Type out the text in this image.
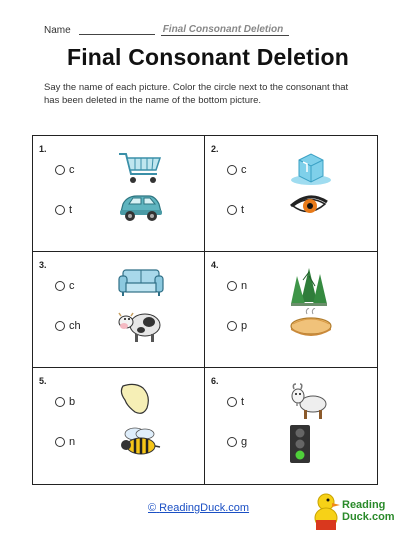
Name	Final Consonant Deletion
Final Consonant Deletion
Say the name of each picture. Color the circle next to the consonant that has been deleted in the name of the bottom picture.
1.
c
t
2.
c
t
3.
c
ch
4.
n
p
5.
b
n
6.
t
g
© ReadingDuck.com	Reading
Duck.com
